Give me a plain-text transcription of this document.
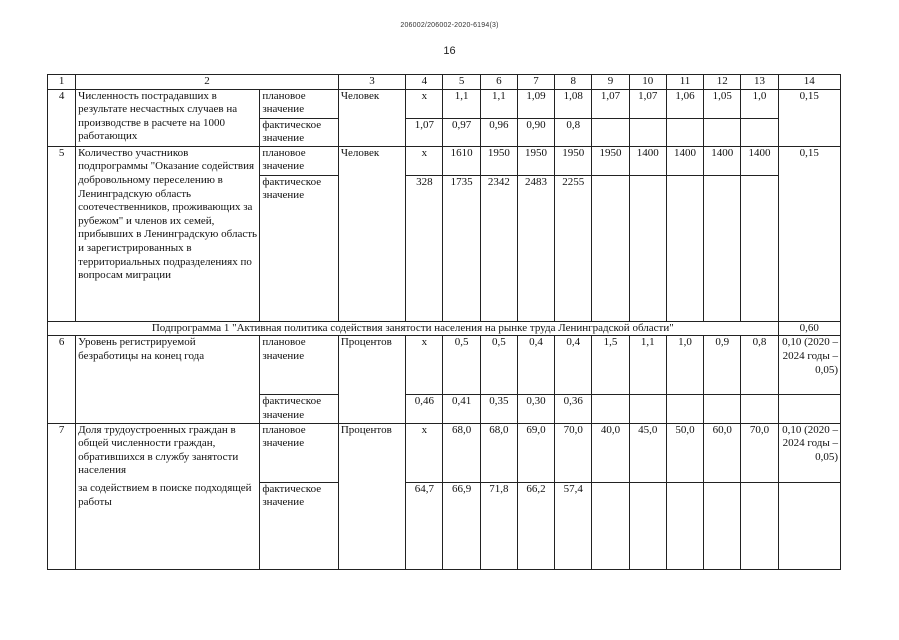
206002/206002-2020-6194(3)
16
1	2		3	4	5	6	7	8	9	10	11	12	13	14
4	Численность пострадавших в результате несчастных случаев на производстве в расчете на 1000 работающих	плановое значение	Человек	х	1,1	1,1	1,09	1,08	1,07	1,07	1,06	1,05	1,0	0,15
		фактическое значение		1,07	0,97	0,96	0,90	0,8						
5	Количество участников подпрограммы "Оказание содействия добровольному переселению в Ленинградскую область соотечественников, проживающих за рубежом" и членов их семей, прибывших в Ленинградскую область и зарегистрированных в территориальных подразделениях по вопросам миграции	плановое значение	Человек	х	1610	1950	1950	1950	1950	1400	1400	1400	1400	0,15
		фактическое значение		328	1735	2342	2483	2255						
Подпрограмма 1 "Активная политика содействия занятости населения на рынке труда Ленинградской области"														0,60
6	Уровень регистрируемой безработицы на конец года	плановое значение	Процентов	х	0,5	0,5	0,4	0,4	1,5	1,1	1,0	0,9	0,8	0,10 (2020 – 2024 годы – 0,05)
		фактическое значение		0,46	0,41	0,35	0,30	0,36						
7	Доля трудоустроенных граждан в общей численности граждан, обратившихся в службу занятости населения	плановое значение	Процентов	х	68,0	68,0	69,0	70,0	40,0	45,0	50,0	60,0	70,0	0,10 (2020 – 2024 годы – 0,05)
	за содействием в поиске подходящей работы	фактическое значение		64,7	66,9	71,8	66,2	57,4						
